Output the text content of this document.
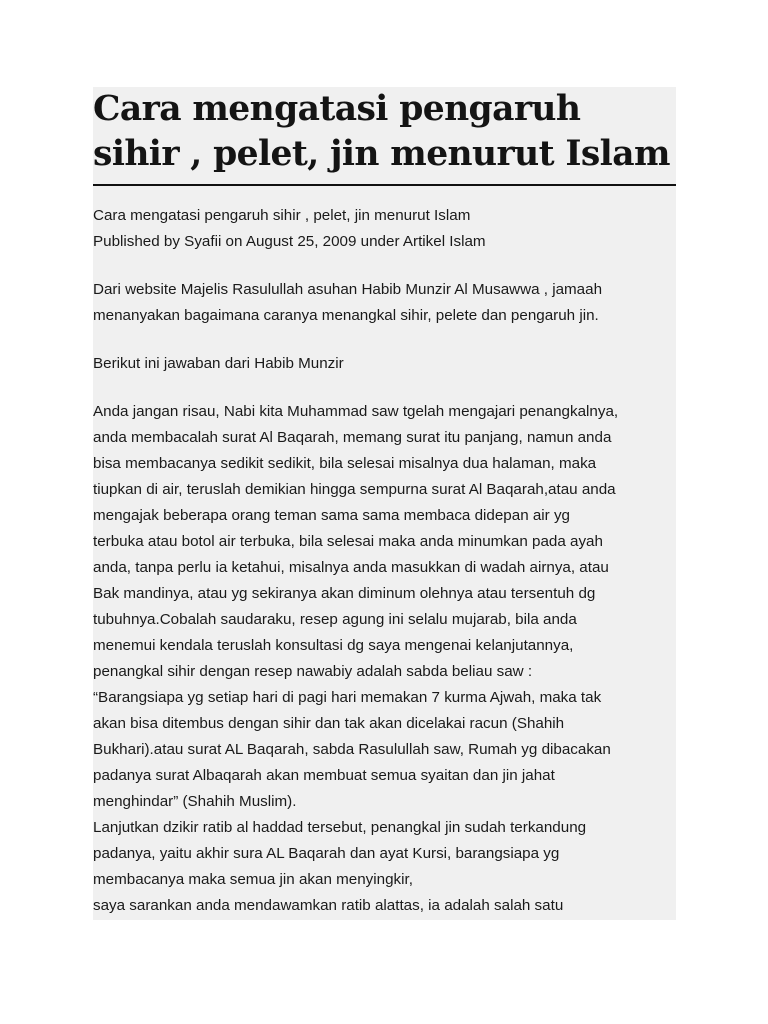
Cara mengatasi pengaruh
sihir , pelet, jin menurut Islam
Cara mengatasi pengaruh sihir , pelet, jin menurut Islam
Published by Syafii on August 25, 2009 under Artikel Islam
Dari website Majelis Rasulullah asuhan Habib Munzir Al Musawwa , jamaah
menanyakan bagaimana caranya menangkal sihir, pelete dan pengaruh jin.
Berikut ini jawaban dari Habib Munzir
Anda jangan risau, Nabi kita Muhammad saw tgelah mengajari penangkalnya,
anda membacalah surat Al Baqarah, memang surat itu panjang, namun anda
bisa membacanya sedikit sedikit, bila selesai misalnya dua halaman, maka
tiupkan di air, teruslah demikian hingga sempurna surat Al Baqarah,atau anda
mengajak beberapa orang teman sama sama membaca didepan air yg
terbuka atau botol air terbuka, bila selesai maka anda minumkan pada ayah
anda, tanpa perlu ia ketahui, misalnya anda masukkan di wadah airnya, atau
Bak mandinya, atau yg sekiranya akan diminum olehnya atau tersentuh dg
tubuhnya.Cobalah saudaraku, resep agung ini selalu mujarab, bila anda
menemui kendala teruslah konsultasi dg saya mengenai kelanjutannya,
penangkal sihir dengan resep nawabiy adalah sabda beliau saw :
“Barangsiapa yg setiap hari di pagi hari memakan 7 kurma Ajwah, maka tak
akan bisa ditembus dengan sihir dan tak akan dicelakai racun (Shahih
Bukhari).atau surat AL Baqarah, sabda Rasulullah saw, Rumah yg dibacakan
padanya surat Albaqarah akan membuat semua syaitan dan jin jahat
menghindar” (Shahih Muslim).
Lanjutkan dzikir ratib al haddad tersebut, penangkal jin sudah terkandung
padanya, yaitu akhir sura AL Baqarah dan ayat Kursi, barangsiapa yg
membacanya maka semua jin akan menyingkir,
saya sarankan anda mendawamkan ratib alattas, ia adalah salah satu
